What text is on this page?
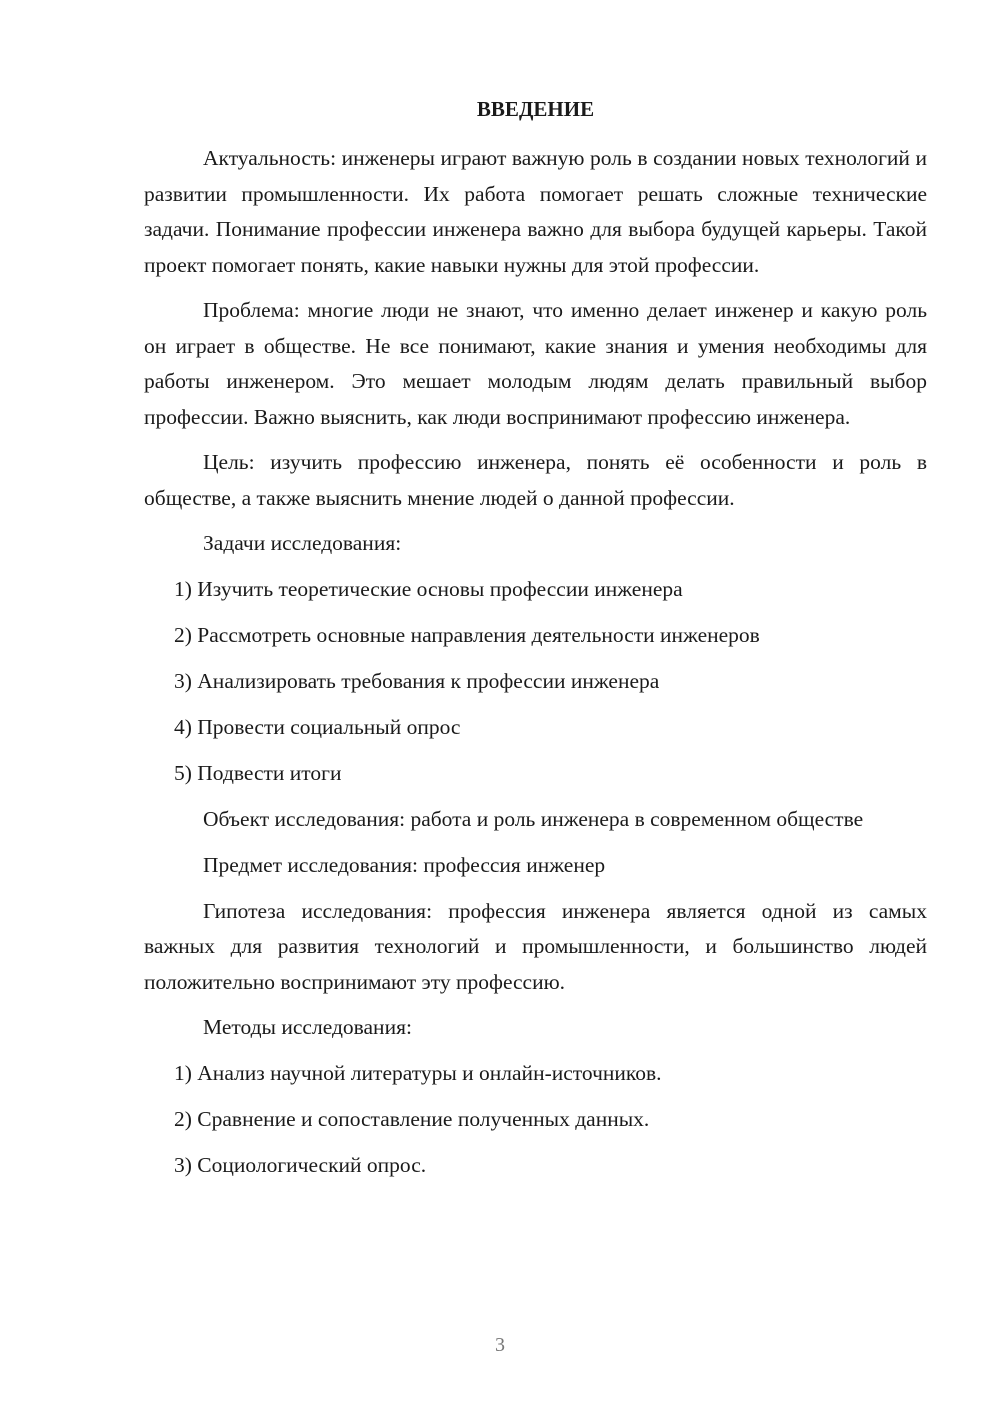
ВВЕДЕНИЕ

Актуальность: инженеры играют важную роль в создании новых технологий и развитии промышленности. Их работа помогает решать сложные технические задачи. Понимание профессии инженера важно для выбора будущей карьеры. Такой проект помогает понять, какие навыки нужны для этой профессии.

Проблема: многие люди не знают, что именно делает инженер и какую роль он играет в обществе. Не все понимают, какие знания и умения необходимы для работы инженером. Это мешает молодым людям делать правильный выбор профессии. Важно выяснить, как люди воспринимают профессию инженера.

Цель: изучить профессию инженера, понять её особенности и роль в обществе, а также выяснить мнение людей о данной профессии.

Задачи исследования:
1) Изучить теоретические основы профессии инженера
2) Рассмотреть основные направления деятельности инженеров
3) Анализировать требования к профессии инженера
4) Провести социальный опрос
5) Подвести итоги

Объект исследования: работа и роль инженера в современном обществе

Предмет исследования: профессия инженер

Гипотеза исследования: профессия инженера является одной из самых важных для развития технологий и промышленности, и большинство людей положительно воспринимают эту профессию.

Методы исследования:
1) Анализ научной литературы и онлайн-источников.
2) Сравнение и сопоставление полученных данных.
3) Социологический опрос.
3
